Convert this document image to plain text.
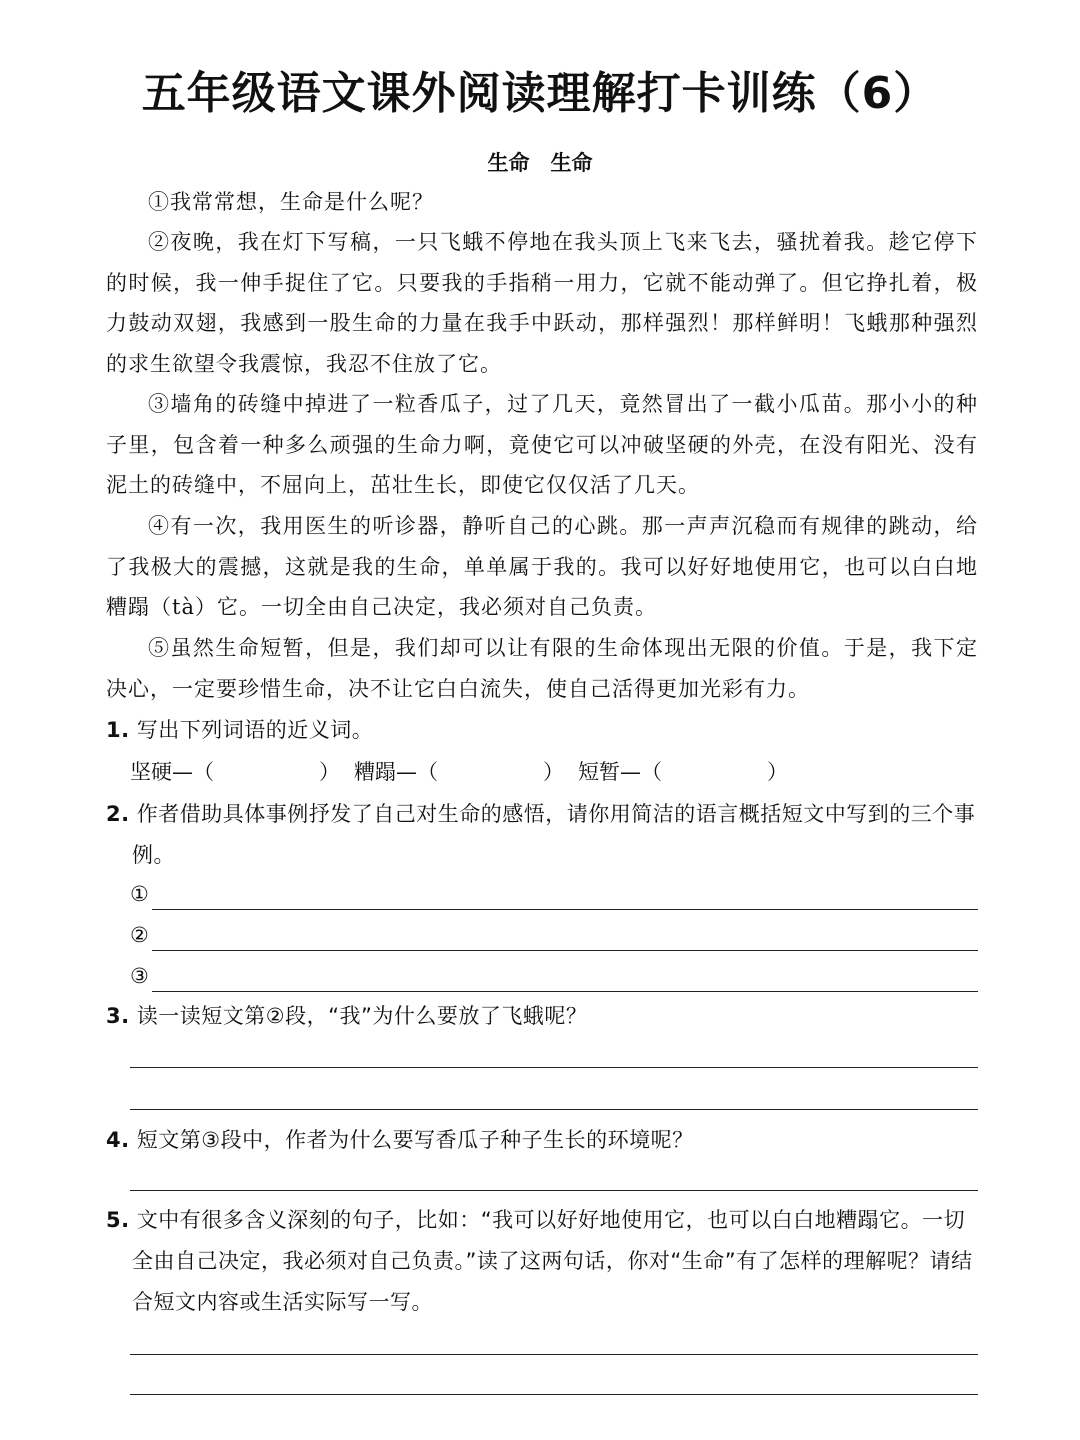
五年级语文课外阅读理解打卡训练（6）
生命　生命
①我常常想，生命是什么呢？
②夜晚，我在灯下写稿，一只飞蛾不停地在我头顶上飞来飞去，骚扰着我。趁它停下的时候，我一伸手捉住了它。只要我的手指稍一用力，它就不能动弹了。但它挣扎着，极力鼓动双翅，我感到一股生命的力量在我手中跃动，那样强烈！那样鲜明！飞蛾那种强烈的求生欲望令我震惊，我忍不住放了它。
③墙角的砖缝中掉进了一粒香瓜子，过了几天，竟然冒出了一截小瓜苗。那小小的种子里，包含着一种多么顽强的生命力啊，竟使它可以冲破坚硬的外壳，在没有阳光、没有泥土的砖缝中，不屈向上，茁壮生长，即使它仅仅活了几天。
④有一次，我用医生的听诊器，静听自己的心跳。那一声声沉稳而有规律的跳动，给了我极大的震撼，这就是我的生命，单单属于我的。我可以好好地使用它，也可以白白地糟蹋（tà）它。一切全由自己决定，我必须对自己负责。
⑤虽然生命短暂，但是，我们却可以让有限的生命体现出无限的价值。于是，我下定决心，一定要珍惜生命，决不让它白白流失，使自己活得更加光彩有力。
1. 写出下列词语的近义词。
坚硬—（　　　　　） 糟蹋—（　　　　　） 短暂—（　　　　　）
2. 作者借助具体事例抒发了自己对生命的感悟，请你用简洁的语言概括短文中写到的三个事例。
①
②
③
3. 读一读短文第②段，“我”为什么要放了飞蛾呢？
4. 短文第③段中，作者为什么要写香瓜子种子生长的环境呢？
5. 文中有很多含义深刻的句子，比如：“我可以好好地使用它，也可以白白地糟蹋它。一切全由自己决定，我必须对自己负责。”读了这两句话，你对“生命”有了怎样的理解呢？请结合短文内容或生活实际写一写。
